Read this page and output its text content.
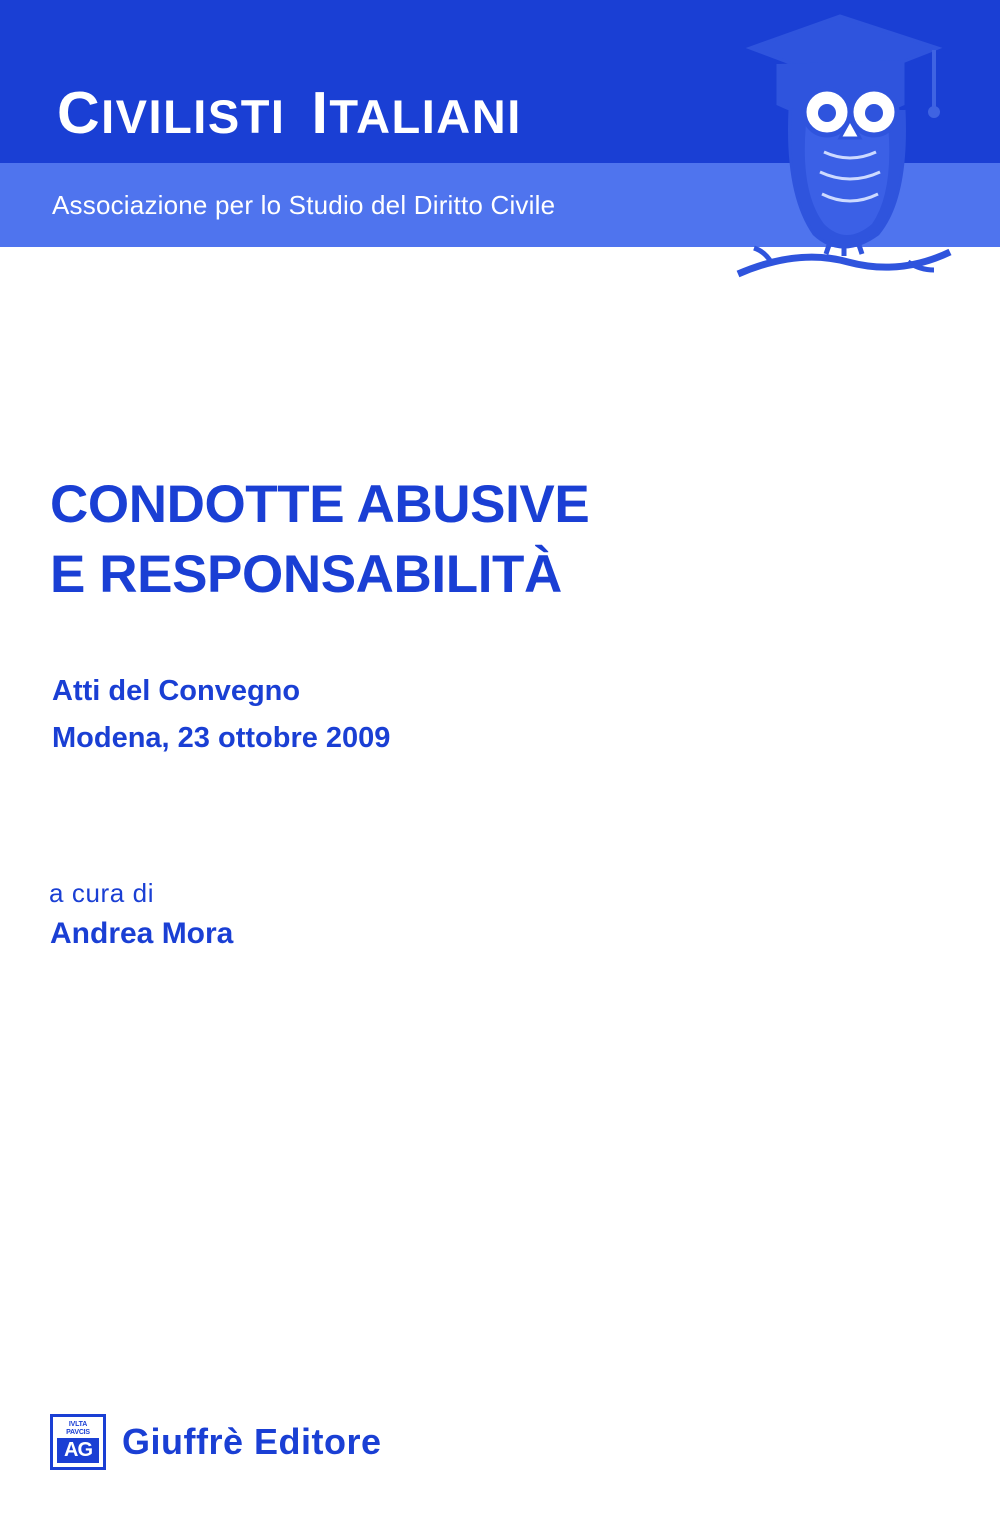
CIVILISTI ITALIANI
Associazione per lo Studio del Diritto Civile
CONDOTTE ABUSIVE
E RESPONSABILITÀ
Atti del Convegno
Modena, 23 ottobre 2009
a cura di
Andrea Mora
IVLTA
PAVCIS
AG Giuffrè Editore
